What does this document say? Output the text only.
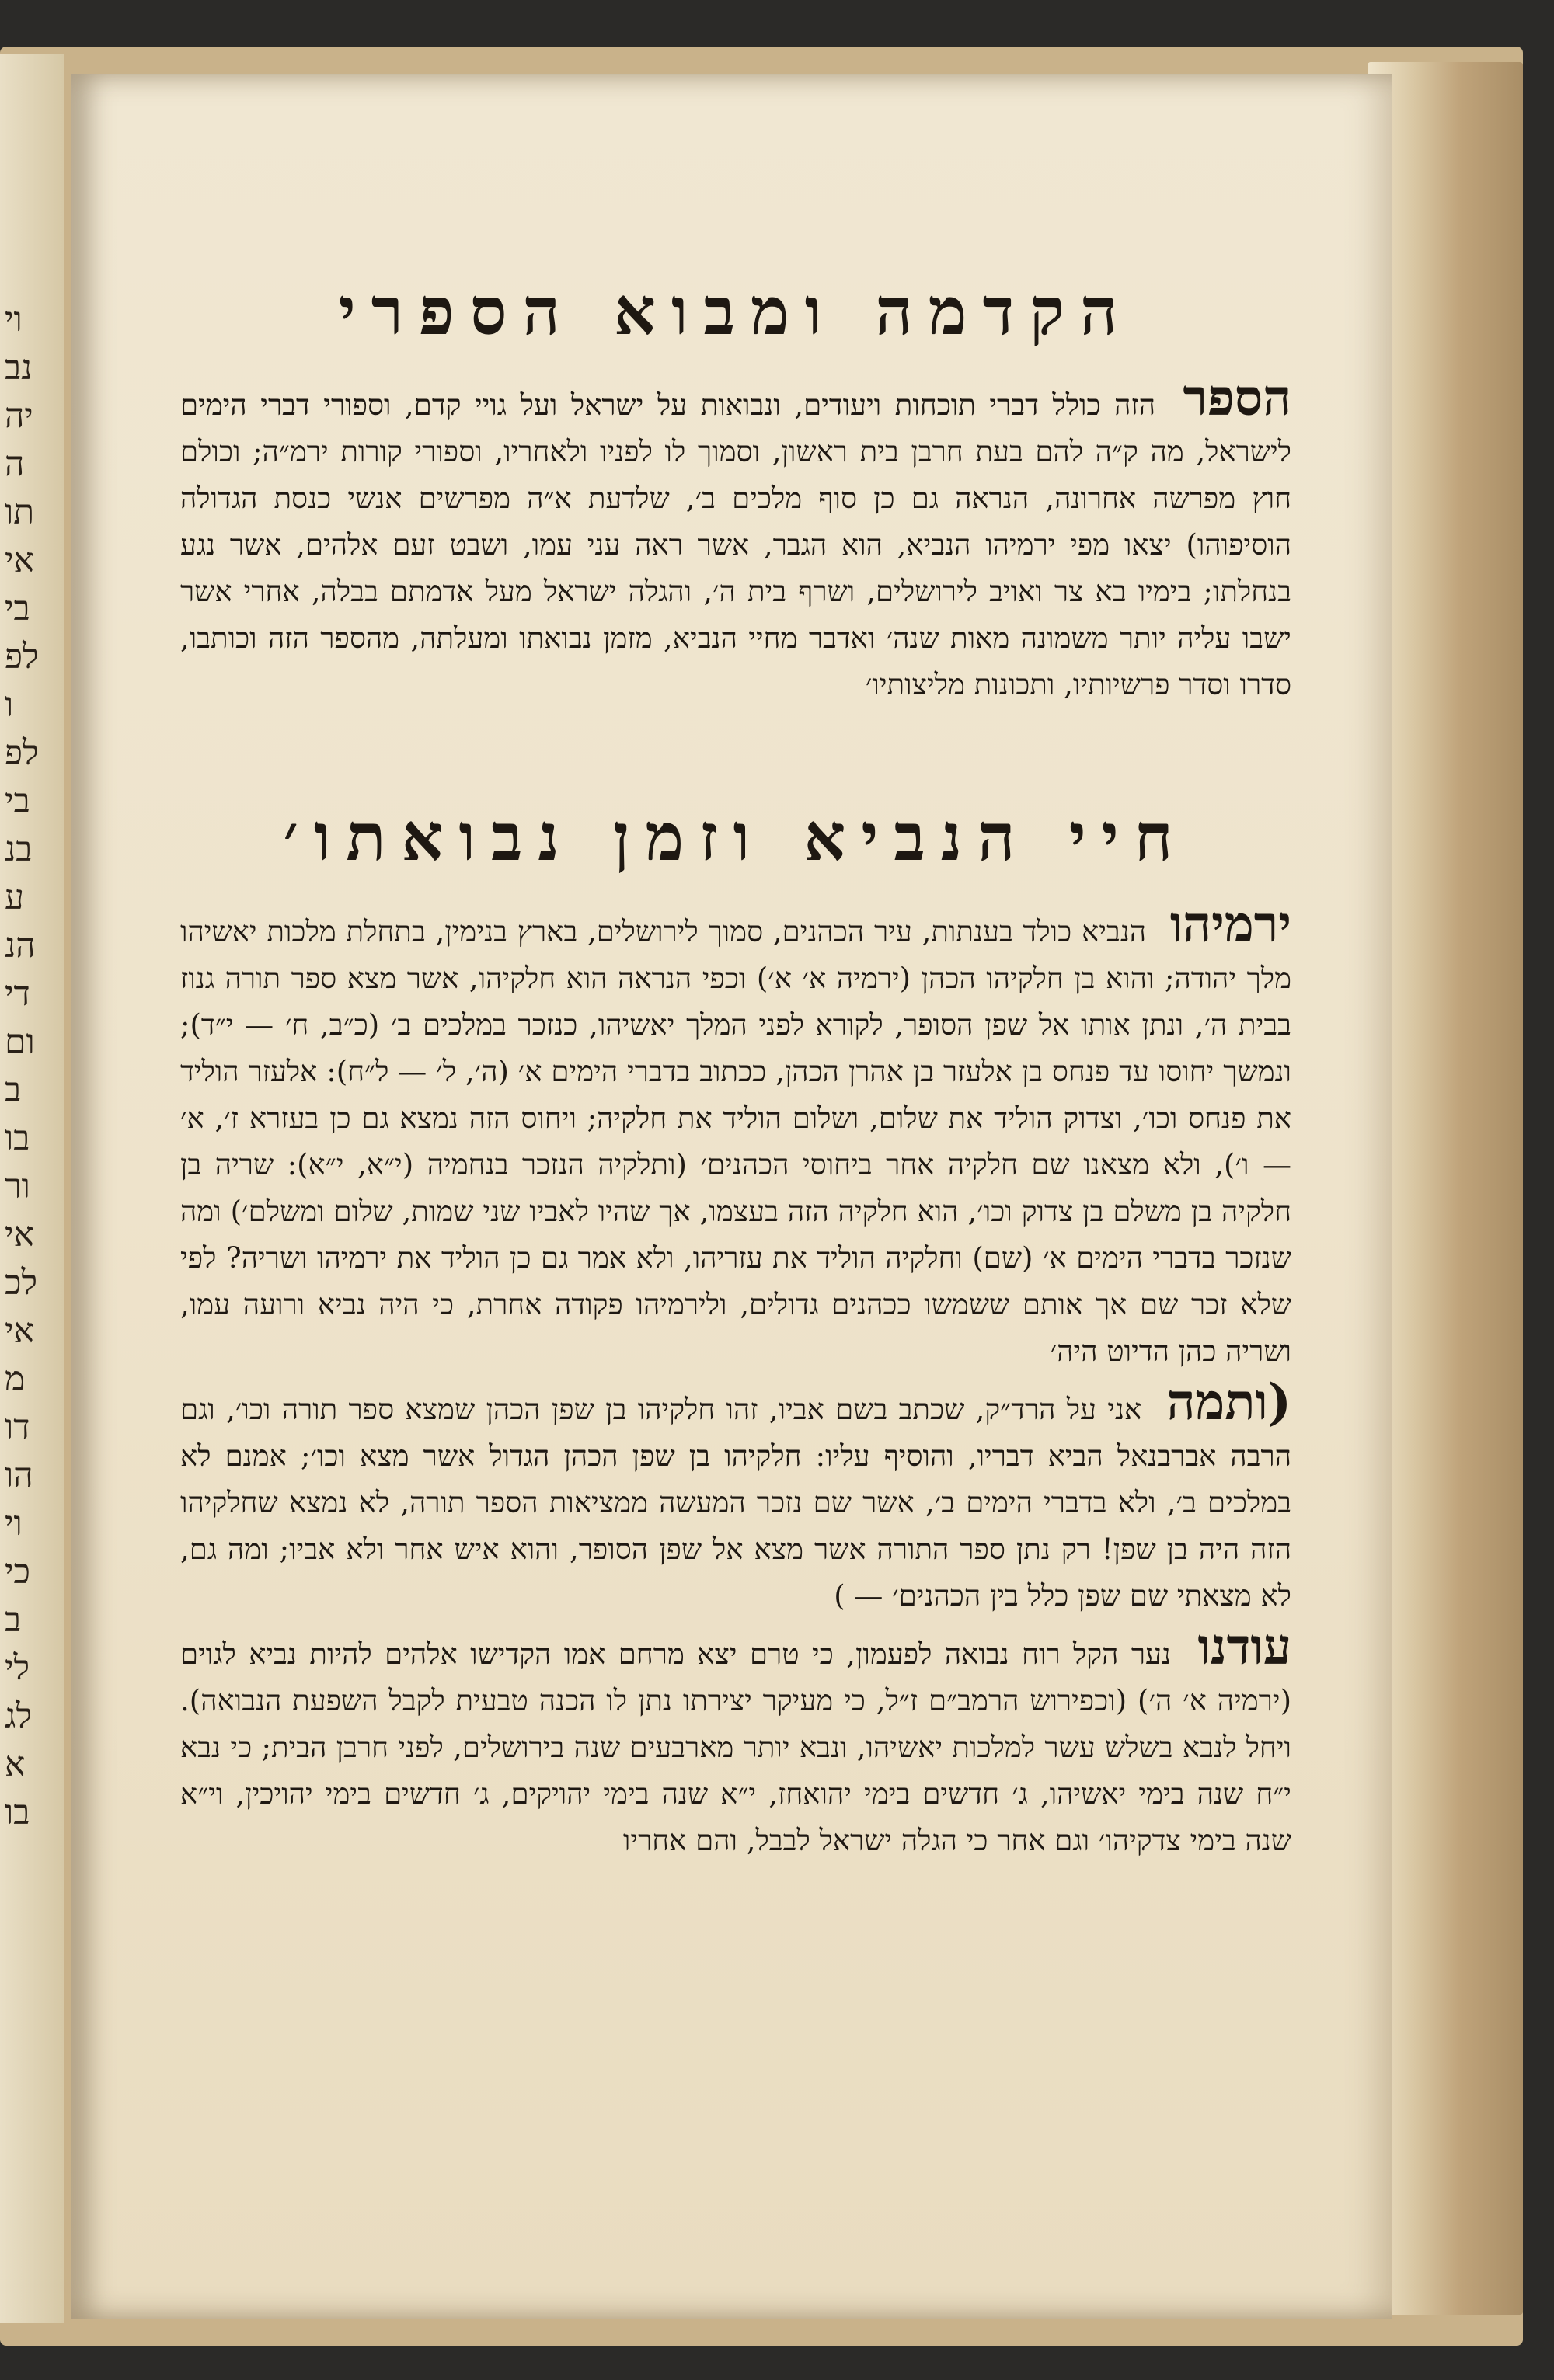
וי
נב
יה
ה
תו
אי
בי
לפ
ו
לפ
בי
בנ
ע
הנ
די
ום
ב
בו
ור
אי
לכ
אי
מ
דו
הו
וי
כי
ב
לי
לג
א
בו
הקדמה ומבוא הספרי

הספר הזה כולל דברי תוכחות ויעודים, ונבואות על ישראל ועל גויי קדם, וספורי דברי הימים לישראל, מה ק״ה להם בעת חרבן בית ראשון, וסמוך לו לפניו ולאחריו, וספורי קורות ירמ״ה; וכולם חוץ מפרשה אחרונה, הנראה גם כן סוף מלכים ב׳, שלדעת א״ה מפרשים אנשי כנסת הגדולה הוסיפוהו) יצאו מפי ירמיהו הנביא, הוא הגבר, אשר ראה עני עמו, ושבט זעם אלהים, אשר נגע בנחלתו; בימיו בא צר ואויב לירושלים, ושרף בית ה׳, והגלה ישראל מעל אדמתם בבלה, אחרי אשר ישבו עליה יותר משמונה מאות שנה׳ ואדבר מחיי הנביא, מזמן נבואתו ומעלתה, מהספר הזה וכותבו, סדרו וסדר פרשיותיו, ותכונות מליצותיו׳

חיי הנביא וזמן נבואתו׳

ירמיהו הנביא כולד בענתות, עיר הכהנים, סמוך לירושלים, בארץ בנימין, בתחלת מלכות יאשיהו מלך יהודה; והוא בן חלקיהו הכהן (ירמיה א׳ א׳) וכפי הנראה הוא חלקיהו, אשר מצא ספר תורה גנוז בבית ה׳, ונתן אותו אל שפן הסופר, לקורא לפני המלך יאשיהו, כנזכר במלכים ב׳ (כ״ב, ח׳ — י״ד); ונמשך יחוסו עד פנחס בן אלעזר בן אהרן הכהן, ככתוב בדברי הימים א׳ (ה׳, ל׳ — ל״ח): אלעזר הוליד את פנחס וכו׳, וצדוק הוליד את שלום, ושלום הוליד את חלקיה; ויחוס הזה נמצא גם כן בעזרא ז׳, א׳ — ו׳), ולא מצאנו שם חלקיה אחר ביחוסי הכהנים׳ (ותלקיה הנזכר בנחמיה (י״א, י״א): שריה בן חלקיה בן משלם בן צדוק וכו׳, הוא חלקיה הזה בעצמו, אך שהיו לאביו שני שמות, שלום ומשלם׳) ומה שנזכר בדברי הימים א׳ (שם) וחלקיה הוליד את עזריהו, ולא אמר גם כן הוליד את ירמיהו ושריה? לפי שלא זכר שם אך אותם ששמשו ככהנים גדולים, ולירמיהו פקודה אחרת, כי היה נביא ורועה עמו, ושריה כהן הדיוט היה׳

(ותמה אני על הרד״ק, שכתב בשם אביו, זהו חלקיהו בן שפן הכהן שמצא ספר תורה וכו׳, וגם הרבה אברבנאל הביא דבריו, והוסיף עליו: חלקיהו בן שפן הכהן הגדול אשר מצא וכו׳; אמנם לא במלכים ב׳, ולא בדברי הימים ב׳, אשר שם נזכר המעשה ממציאות הספר תורה, לא נמצא שחלקיהו הזה היה בן שפן! רק נתן ספר התורה אשר מצא אל שפן הסופר, והוא איש אחר ולא אביו; ומה גם, לא מצאתי שם שפן כלל בין הכהנים׳ — )

עודנו נער הקל רוח נבואה לפעמון, כי טרם יצא מרחם אמו הקדישו אלהים להיות נביא לגוים (ירמיה א׳ ה׳) (וכפירוש הרמב״ם ז״ל, כי מעיקר יצירתו נתן לו הכנה טבעית לקבל השפעת הנבואה). ויחל לנבא בשלש עשר למלכות יאשיהו, ונבא יותר מארבעים שנה בירושלים, לפני חרבן הבית; כי נבא י״ח שנה בימי יאשיהו, ג׳ חדשים בימי יהואחז, י״א שנה בימי יהויקים, ג׳ חדשים בימי יהויכין, וי״א שנה בימי צדקיהו׳ וגם אחר כי הגלה ישראל לבבל, והם אחריו
